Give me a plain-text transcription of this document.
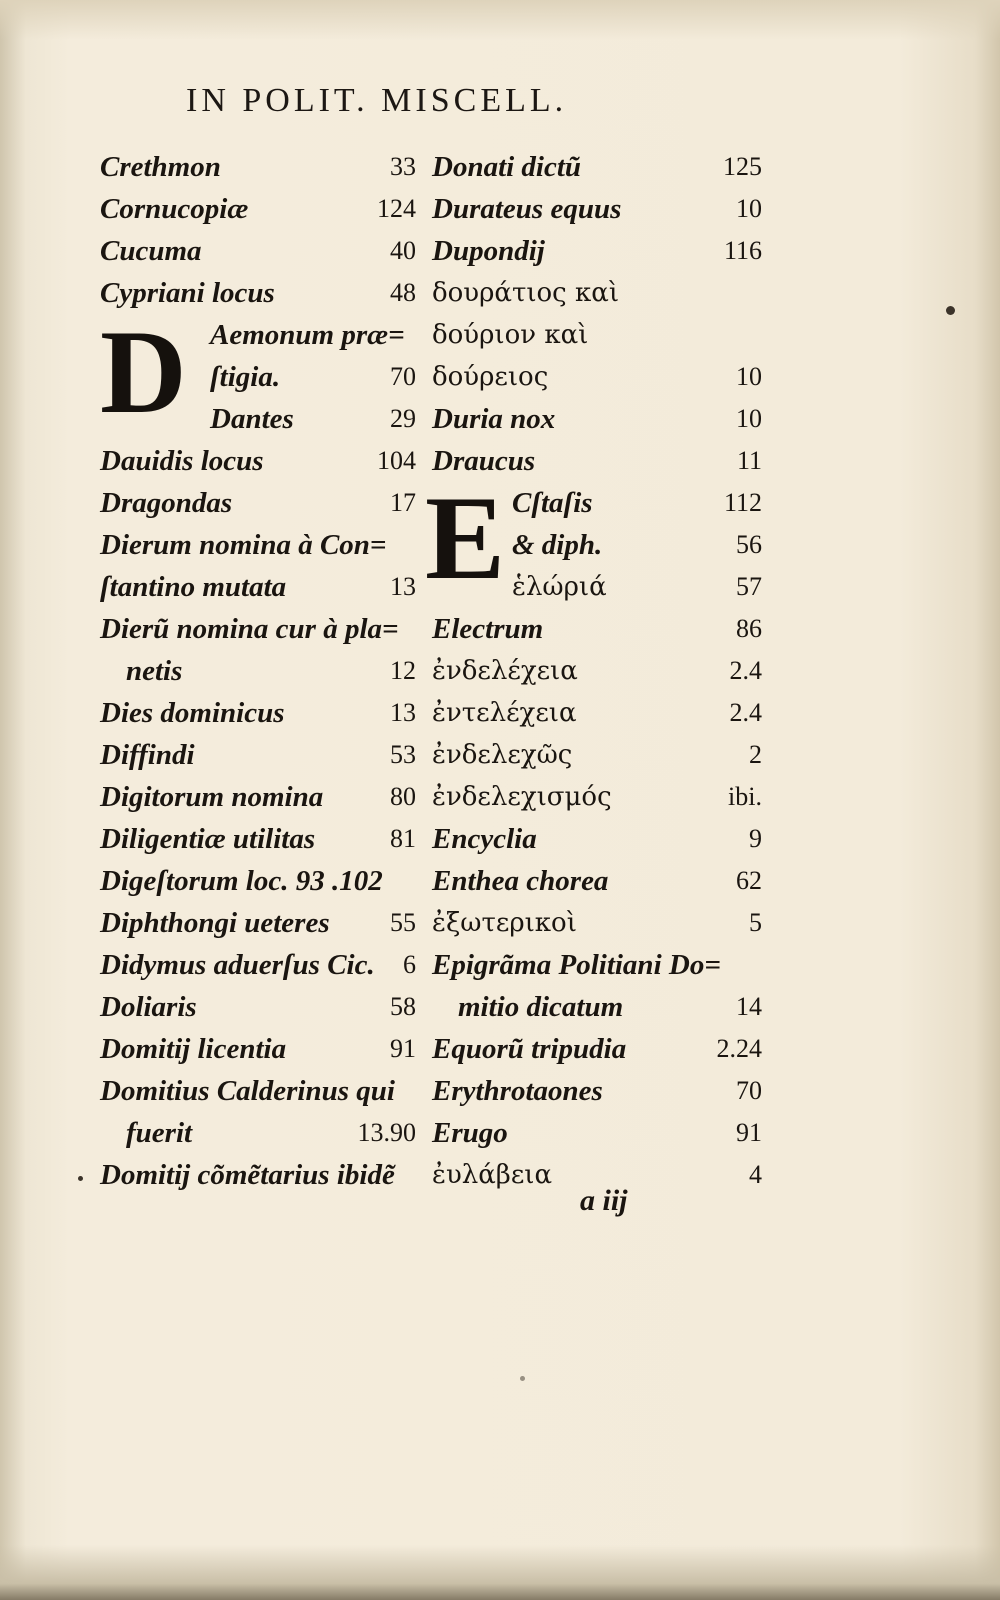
IN POLIT. MISCELL.
D
E
Crethmon	33
Cornucopiæ	124
Cucuma	40
Cypriani locus	48
Aemonum præ=
ſtigia.	70
Dantes	29
Dauidis locus	104
Dragondas	17
Dierum nomina à Con=
ſtantino mutata	13
Dierũ nomina cur à pla=
netis	12
Dies dominicus	13
Diffindi	53
Digitorum nomina	80
Diligentiæ utilitas	81
Digeſtorum loc. 93 .102
Diphthongi ueteres 55
Didymus aduerſus Cic. 6
Doliaris	58
Domitij licentia	91
Domitius Calderinus qui
fuerit	13.90
Domitij cõmẽtarius ibidẽ
Donati dictũ	125
Durateus equus	10
Dupondij	116
δουράτιος καὶ
δούριον καὶ
δούρειος	10
Duria nox	10
Draucus	11
Cſtaſis	112
& diph.	56
ἑλώριά	57
Electrum	86
ἐνδελέχεια	2.4
ἐντελέχεια	2.4
ἐνδελεχῶς	2
ἐνδελεχισμός	ibi.
Encyclia	9
Enthea chorea	62
ἐξωτερικοὶ	5
Epigrãma Politiani Do=
mitio dicatum	14
Equorũ tripudia	2.24
Erythrotaones	70
Erugo	91
ἐυλάβεια	4
a iij
